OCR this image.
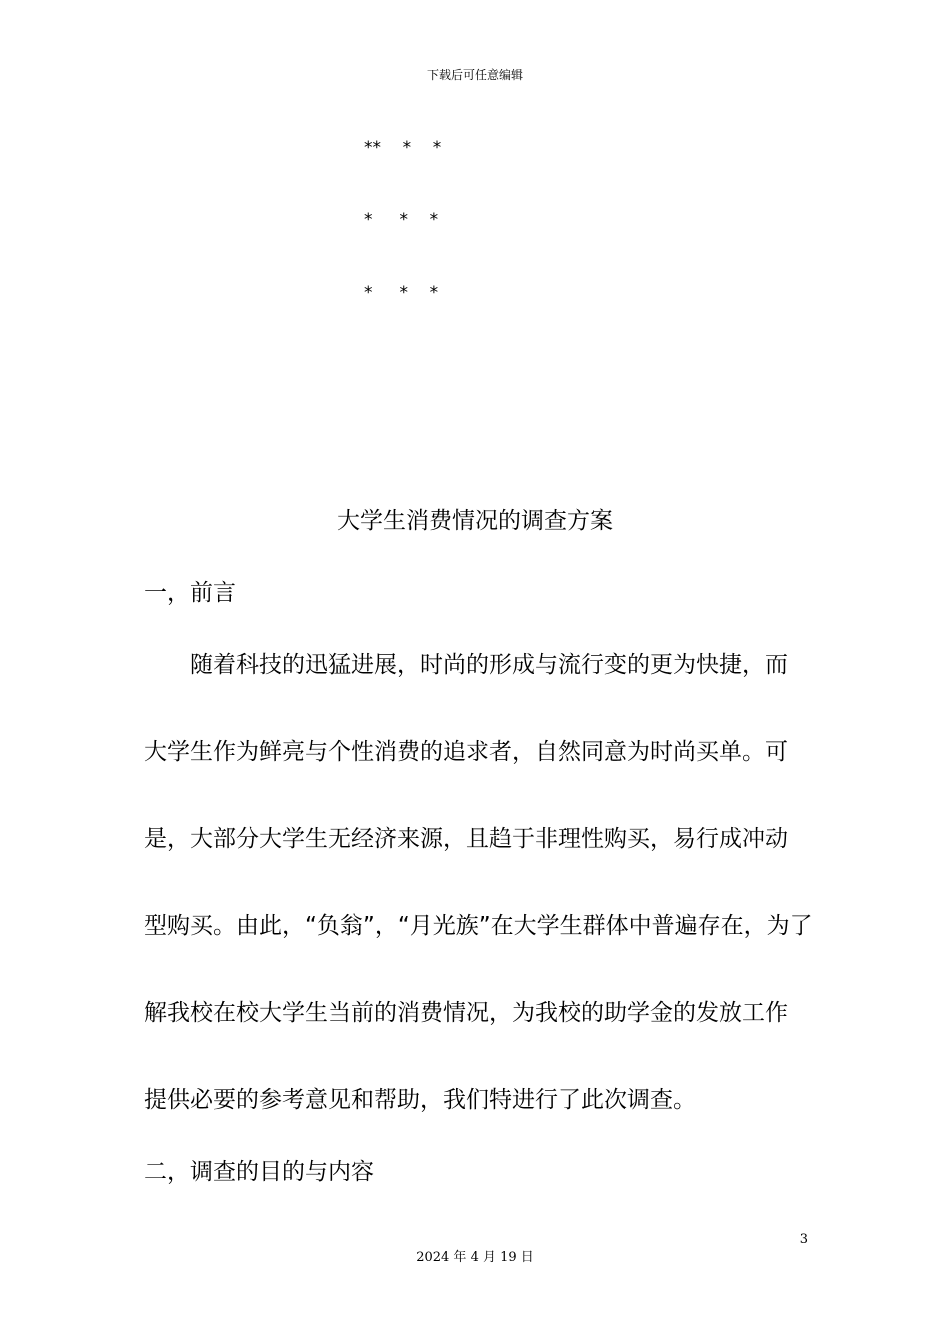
下载后可任意编辑
**    *    *
*     *    *
*     *    *
大学生消费情况的调查方案
一，前言
随着科技的迅猛进展，时尚的形成与流行变的更为快捷，而
大学生作为鲜亮与个性消费的追求者，自然同意为时尚买单。可
是，大部分大学生无经济来源，且趋于非理性购买，易行成冲动
型购买。由此，“负翁”，“月光族”在大学生群体中普遍存在，为了
解我校在校大学生当前的消费情况，为我校的助学金的发放工作
提供必要的参考意见和帮助，我们特进行了此次调查。
二，调查的目的与内容
3
2024 年 4 月 19 日
